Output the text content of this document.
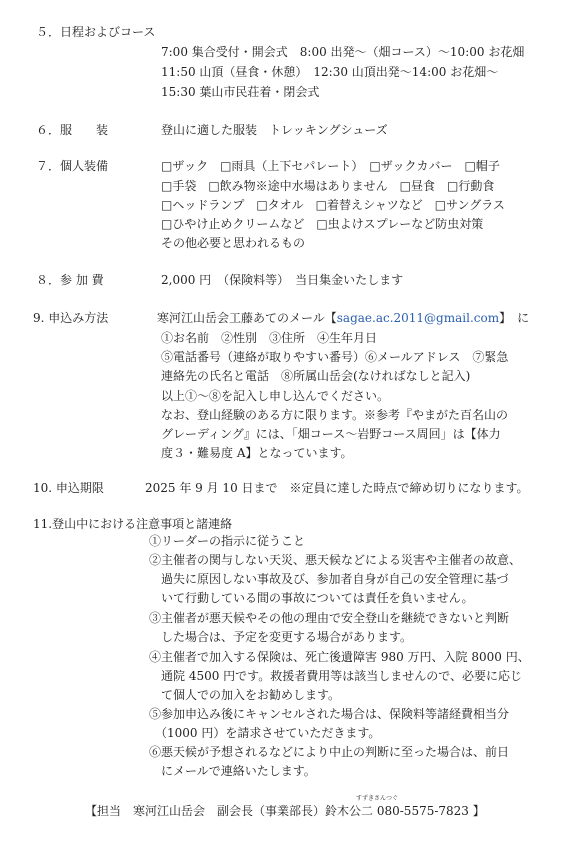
５．日程およびコース
7:00 集合受付・開会式　8:00 出発～（畑コース）～10:00 お花畑
11:50 山頂（昼食・休憩）　12:30 山頂出発～14:00 お花畑～
15:30 葉山市民荘着・閉会式
６．服　　装	登山に適した服装　トレッキングシューズ
７．個人装備	□ザック　□雨具（上下セパレート）　□ザックカバー　□帽子
□手袋　□飲み物※途中水場はありません　□昼食　□行動食
□ヘッドランプ　□タオル　□着替えシャツなど　□サングラス
□ひやけ止めクリームなど　□虫よけスプレーなど防虫対策
その他必要と思われるもの
８．参 加 費	2,000 円　（保険料等）　当日集金いたします
9. 申込み方法	寒河江山岳会工藤あてのメール【sagae.ac.2011@gmail.com】　に
①お名前　②性別　③住所　④生年月日
⑤電話番号（連絡が取りやすい番号）⑥メールアドレス　⑦緊急
連絡先の氏名と電話　⑧所属山岳会(なければなしと記入)
以上①～⑧を記入し申し込んでください。
なお、登山経験のある方に限ります。※参考『やまがた百名山の
グレーディング』には、「畑コース～岩野コース周回」は【体力
度３・難易度 A】となっています。
10. 申込期限	2025 年 9 月 10 日まで　※定員に達した時点で締め切りになります。
11.登山中における注意事項と諸連絡
①リーダーの指示に従うこと
②主催者の関与しない天災、悪天候などによる災害や主催者の故意、
　過失に原因しない事故及び、参加者自身が自己の安全管理に基づ
　いて行動している間の事故については責任を負いません。
③主催者が悪天候やその他の理由で安全登山を継続できないと判断
　した場合は、予定を変更する場合があります。
④主催者で加入する保険は、死亡後遺障害 980 万円、入院 8000 円、
　通院 4500 円です。救援者費用等は該当しませんので、必要に応じ
　て個人での加入をお勧めします。
⑤参加申込み後にキャンセルされた場合は、保険料等諸経費相当分
　（1000 円）を請求させていただきます。
⑥悪天候が予想されるなどにより中止の判断に至った場合は、前日
　にメールで連絡いたします。
すずきさんつぐ
【担当　寒河江山岳会　副会長（事業部長）鈴木公二 080-5575-7823 】
